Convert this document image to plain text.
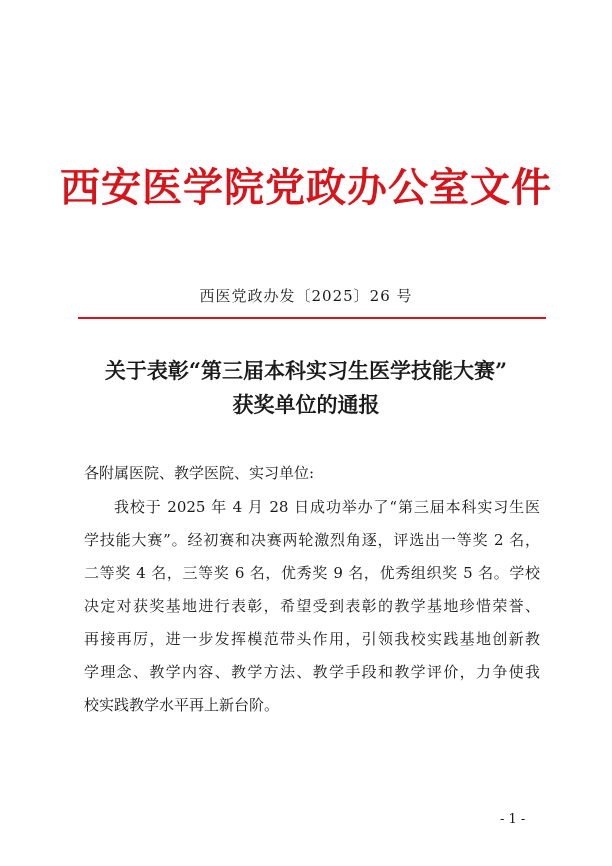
西安医学院党政办公室文件
西医党政办发〔2025〕26 号
关于表彰“第三届本科实习生医学技能大赛”
获奖单位的通报
各附属医院、教学医院、实习单位:
我校于 2025 年 4 月 28 日成功举办了“第三届本科实习生医
学技能大赛”。经初赛和决赛两轮激烈角逐，评选出一等奖 2 名，
二等奖 4 名，三等奖 6 名，优秀奖 9 名，优秀组织奖 5 名。学校
决定对获奖基地进行表彰，希望受到表彰的教学基地珍惜荣誉、
再接再厉，进一步发挥模范带头作用，引领我校实践基地创新教
学理念、教学内容、教学方法、教学手段和教学评价，力争使我
校实践教学水平再上新台阶。
- 1 -
